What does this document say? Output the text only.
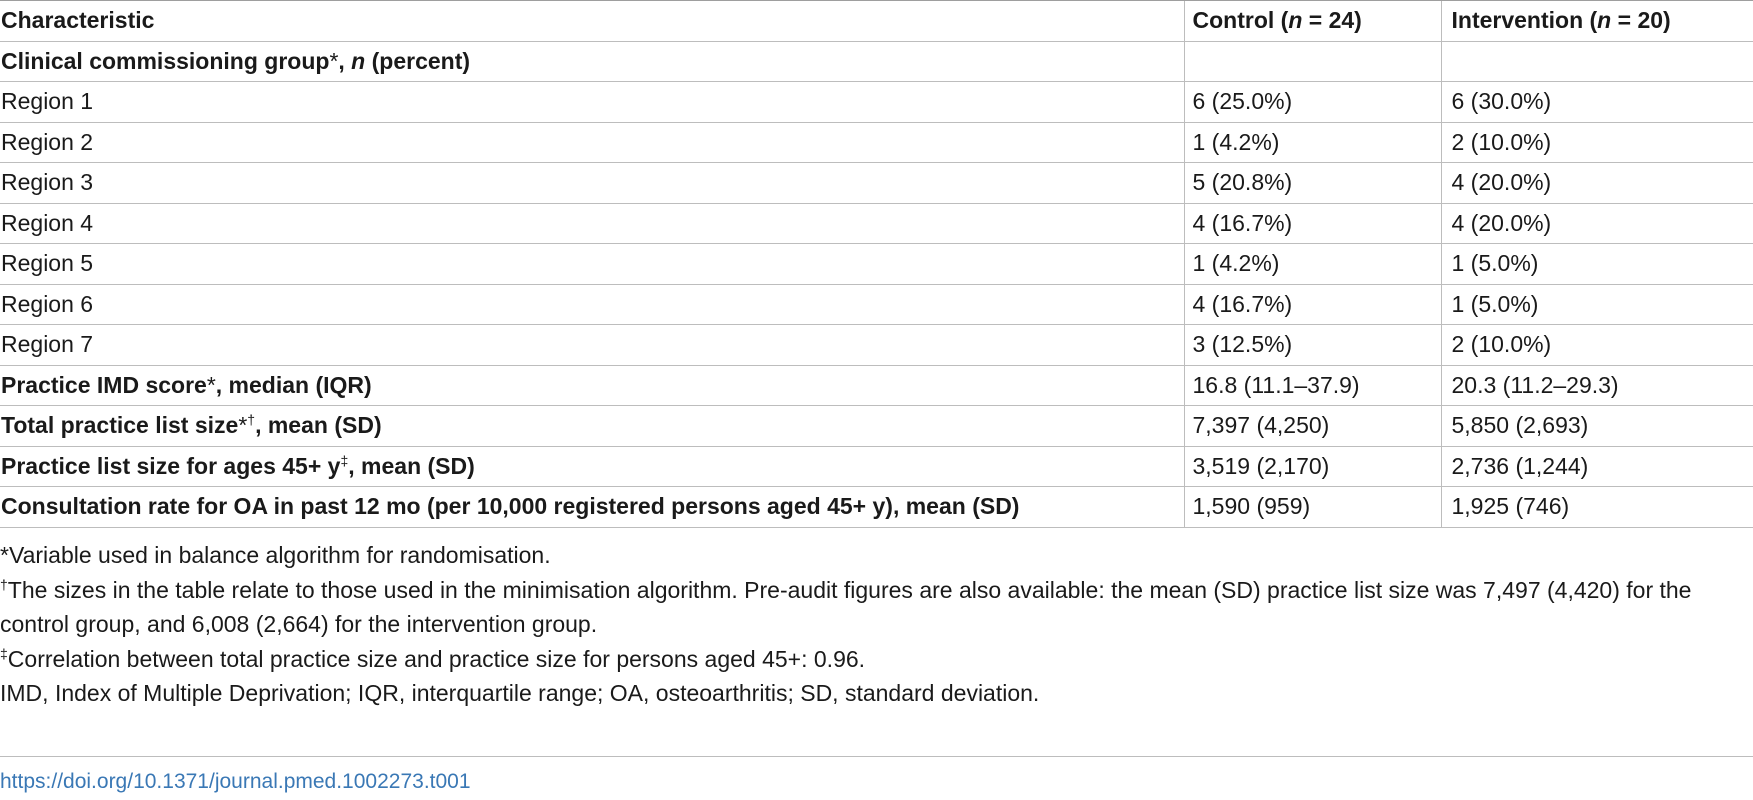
Characteristic	Control (n = 24)	Intervention (n = 20)
Clinical commissioning group*, n (percent)		
Region 1	6 (25.0%)	6 (30.0%)
Region 2	1 (4.2%)	2 (10.0%)
Region 3	5 (20.8%)	4 (20.0%)
Region 4	4 (16.7%)	4 (20.0%)
Region 5	1 (4.2%)	1 (5.0%)
Region 6	4 (16.7%)	1 (5.0%)
Region 7	3 (12.5%)	2 (10.0%)
Practice IMD score*, median (IQR)	16.8 (11.1–37.9)	20.3 (11.2–29.3)
Total practice list size*†, mean (SD)	7,397 (4,250)	5,850 (2,693)
Practice list size for ages 45+ y‡, mean (SD)	3,519 (2,170)	2,736 (1,244)
Consultation rate for OA in past 12 mo (per 10,000 registered persons aged 45+ y), mean (SD)	1,590 (959)	1,925 (746)

*Variable used in balance algorithm for randomisation.

†The sizes in the table relate to those used in the minimisation algorithm. Pre-audit figures are also available: the mean (SD) practice list size was 7,497 (4,420) for the control group, and 6,008 (2,664) for the intervention group.

‡Correlation between total practice size and practice size for persons aged 45+: 0.96.

IMD, Index of Multiple Deprivation; IQR, interquartile range; OA, osteoarthritis; SD, standard deviation.

https://doi.org/10.1371/journal.pmed.1002273.t001
